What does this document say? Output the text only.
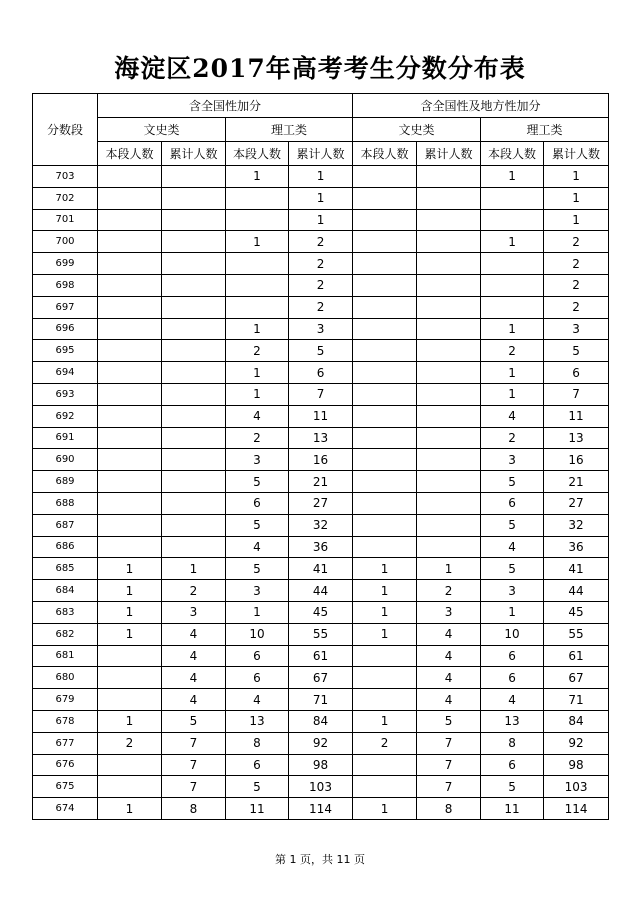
海淀区2017年高考考生分数分布表
分数段	含全国性加分				含全国性及地方性加分			
	文史类		理工类		文史类		理工类	
	本段人数	累计人数	本段人数	累计人数	本段人数	累计人数	本段人数	累计人数
703			1	1			1	1
702				1				1
701				1				1
700			1	2			1	2
699				2				2
698				2				2
697				2				2
696			1	3			1	3
695			2	5			2	5
694			1	6			1	6
693			1	7			1	7
692			4	11			4	11
691			2	13			2	13
690			3	16			3	16
689			5	21			5	21
688			6	27			6	27
687			5	32			5	32
686			4	36			4	36
685	1	1	5	41	1	1	5	41
684	1	2	3	44	1	2	3	44
683	1	3	1	45	1	3	1	45
682	1	4	10	55	1	4	10	55
681		4	6	61		4	6	61
680		4	6	67		4	6	67
679		4	4	71		4	4	71
678	1	5	13	84	1	5	13	84
677	2	7	8	92	2	7	8	92
676		7	6	98		7	6	98
675		7	5	103		7	5	103
674	1	8	11	114	1	8	11	114
第 1 页，共 11 页
